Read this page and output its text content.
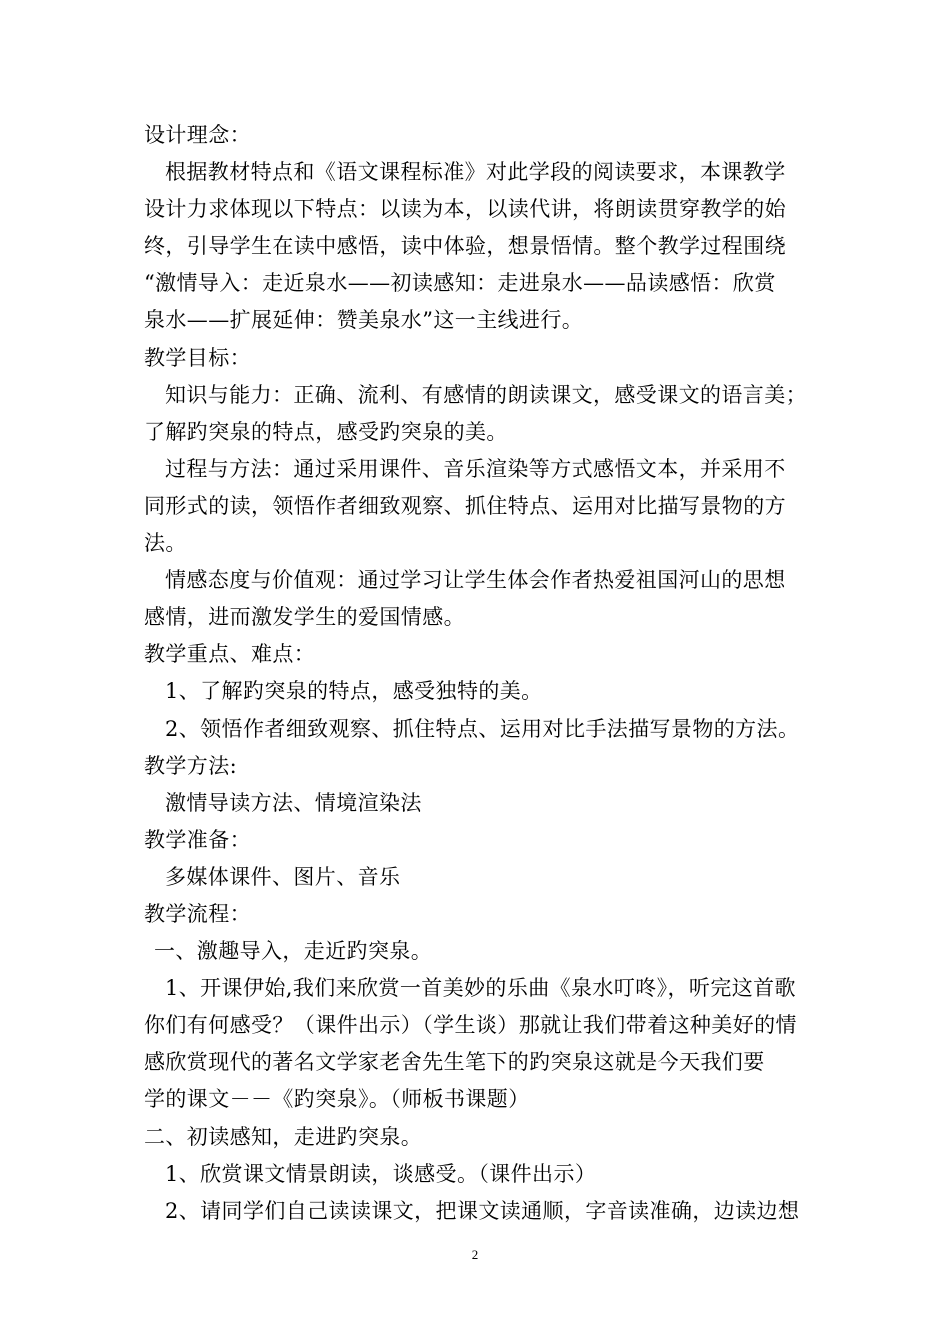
设计理念：
根据教材特点和《语文课程标准》对此学段的阅读要求，本课教学
设计力求体现以下特点：以读为本，以读代讲，将朗读贯穿教学的始
终，引导学生在读中感悟，读中体验，想景悟情。整个教学过程围绕
“激情导入：走近泉水——初读感知：走进泉水——品读感悟：欣赏
泉水——扩展延伸：赞美泉水”这一主线进行。
教学目标：
知识与能力：正确、流利、有感情的朗读课文，感受课文的语言美；
了解趵突泉的特点，感受趵突泉的美。
过程与方法：通过采用课件、音乐渲染等方式感悟文本，并采用不
同形式的读，领悟作者细致观察、抓住特点、运用对比描写景物的方
法。
情感态度与价值观：通过学习让学生体会作者热爱祖国河山的思想
感情，进而激发学生的爱国情感。
教学重点、难点：
1、了解趵突泉的特点，感受独特的美。
2、领悟作者细致观察、抓住特点、运用对比手法描写景物的方法。
教学方法:
激情导读方法、情境渲染法
教学准备：
多媒体课件、图片、音乐
教学流程：
一、激趣导入，走近趵突泉。
1、开课伊始,我们来欣赏一首美妙的乐曲《泉水叮咚》，听完这首歌
你们有何感受？（课件出示）（学生谈）那就让我们带着这种美好的情
感欣赏现代的著名文学家老舍先生笔下的趵突泉这就是今天我们要
学的课文－－《趵突泉》。（师板书课题）
二、初读感知，走进趵突泉。
1、欣赏课文情景朗读，谈感受。（课件出示）
2、请同学们自己读读课文，把课文读通顺，字音读准确，边读边想
2
